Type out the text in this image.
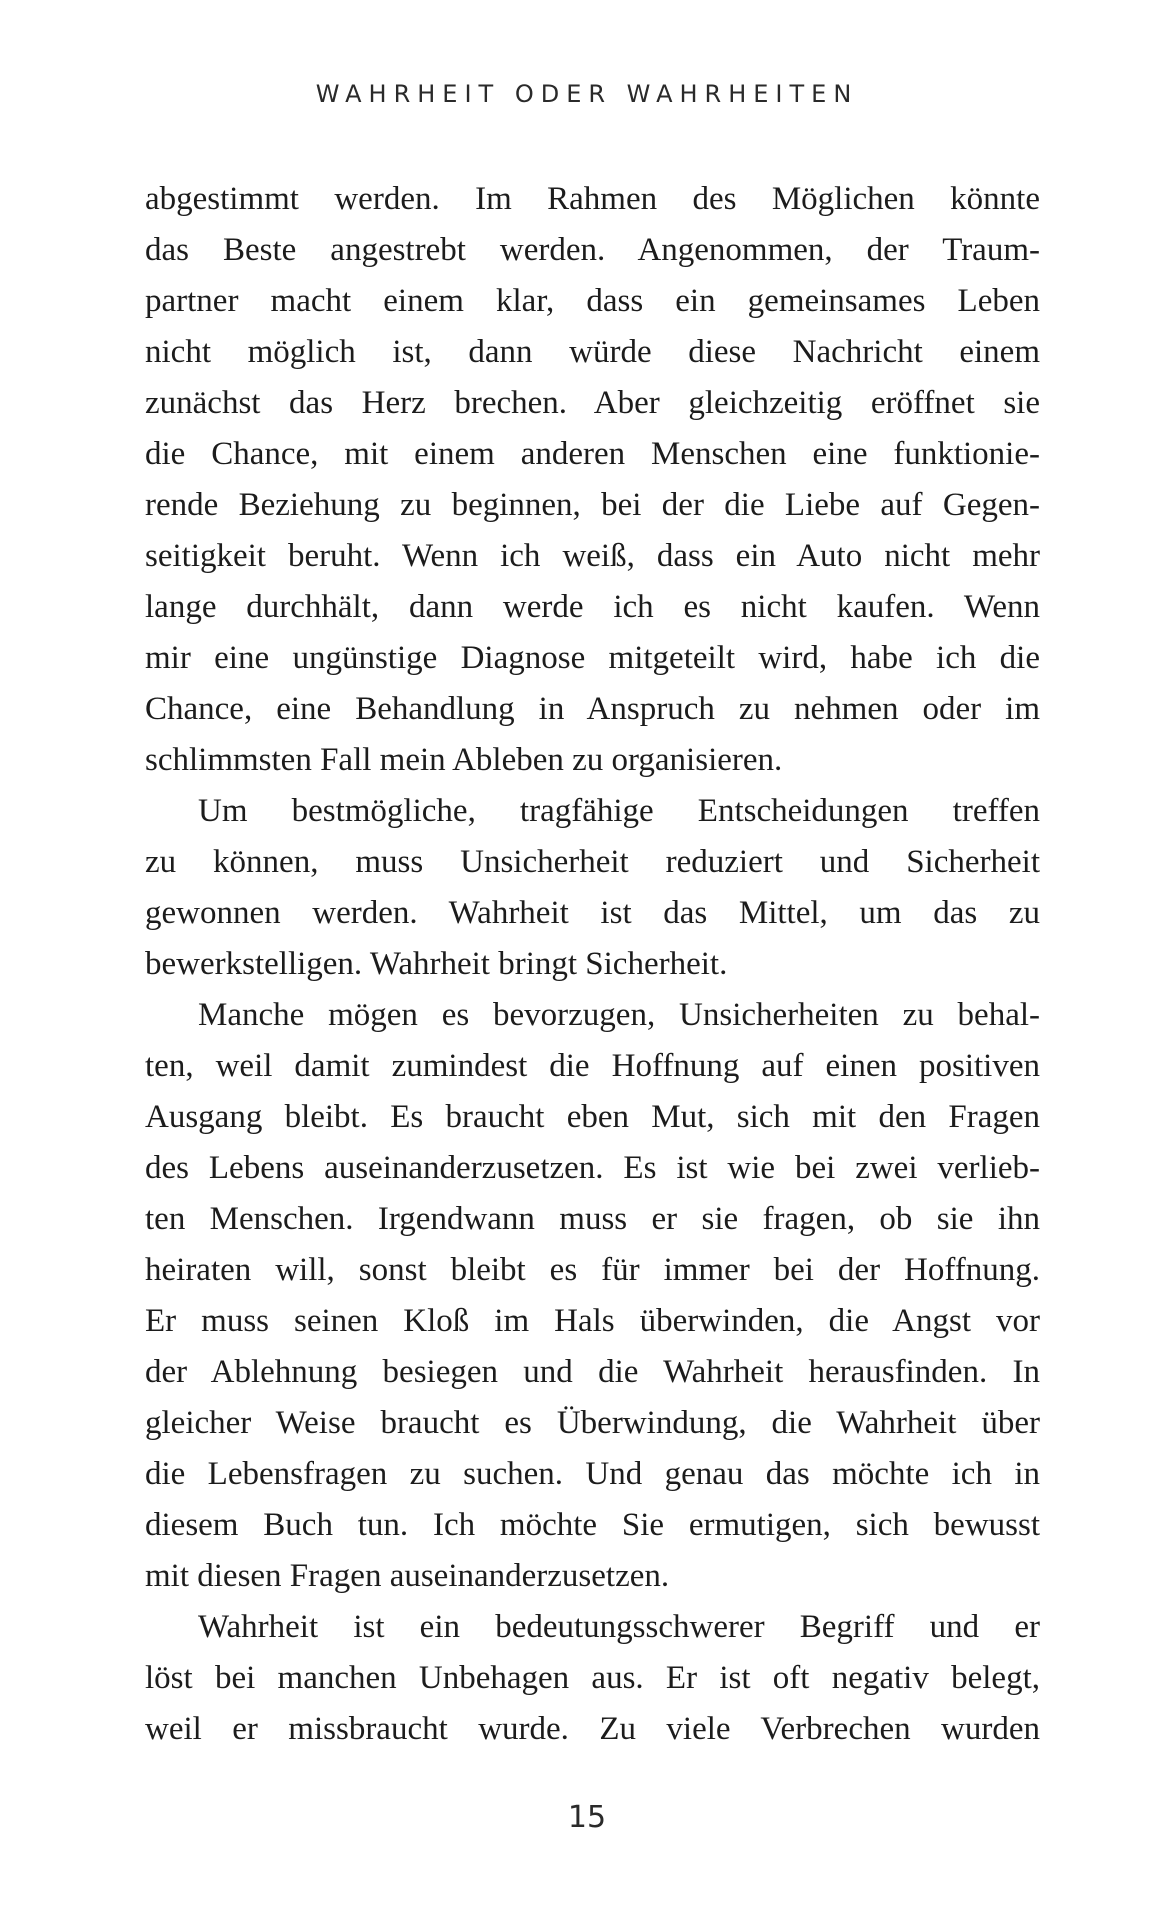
WAHRHEIT ODER WAHRHEITEN
abgestimmt werden. Im Rahmen des Möglichen könnte
das Beste angestrebt werden. Angenommen, der Traum-
partner macht einem klar, dass ein gemeinsames Leben
nicht möglich ist, dann würde diese Nachricht einem
zunächst das Herz brechen. Aber gleichzeitig eröffnet sie
die Chance, mit einem anderen Menschen eine funktionie-
rende Beziehung zu beginnen, bei der die Liebe auf Gegen-
seitigkeit beruht. Wenn ich weiß, dass ein Auto nicht mehr
lange durchhält, dann werde ich es nicht kaufen. Wenn
mir eine ungünstige Diagnose mitgeteilt wird, habe ich die
Chance, eine Behandlung in Anspruch zu nehmen oder im
schlimmsten Fall mein Ableben zu organisieren.
Um bestmögliche, tragfähige Entscheidungen treffen
zu können, muss Unsicherheit reduziert und Sicherheit
gewonnen werden. Wahrheit ist das Mittel, um das zu
bewerkstelligen. Wahrheit bringt Sicherheit.
Manche mögen es bevorzugen, Unsicherheiten zu behal-
ten, weil damit zumindest die Hoffnung auf einen positiven
Ausgang bleibt. Es braucht eben Mut, sich mit den Fragen
des Lebens auseinanderzusetzen. Es ist wie bei zwei verlieb-
ten Menschen. Irgendwann muss er sie fragen, ob sie ihn
heiraten will, sonst bleibt es für immer bei der Hoffnung.
Er muss seinen Kloß im Hals überwinden, die Angst vor
der Ablehnung besiegen und die Wahrheit herausfinden. In
gleicher Weise braucht es Überwindung, die Wahrheit über
die Lebensfragen zu suchen. Und genau das möchte ich in
diesem Buch tun. Ich möchte Sie ermutigen, sich bewusst
mit diesen Fragen auseinanderzusetzen.
Wahrheit ist ein bedeutungsschwerer Begriff und er
löst bei manchen Unbehagen aus. Er ist oft negativ belegt,
weil er missbraucht wurde. Zu viele Verbrechen wurden
15
